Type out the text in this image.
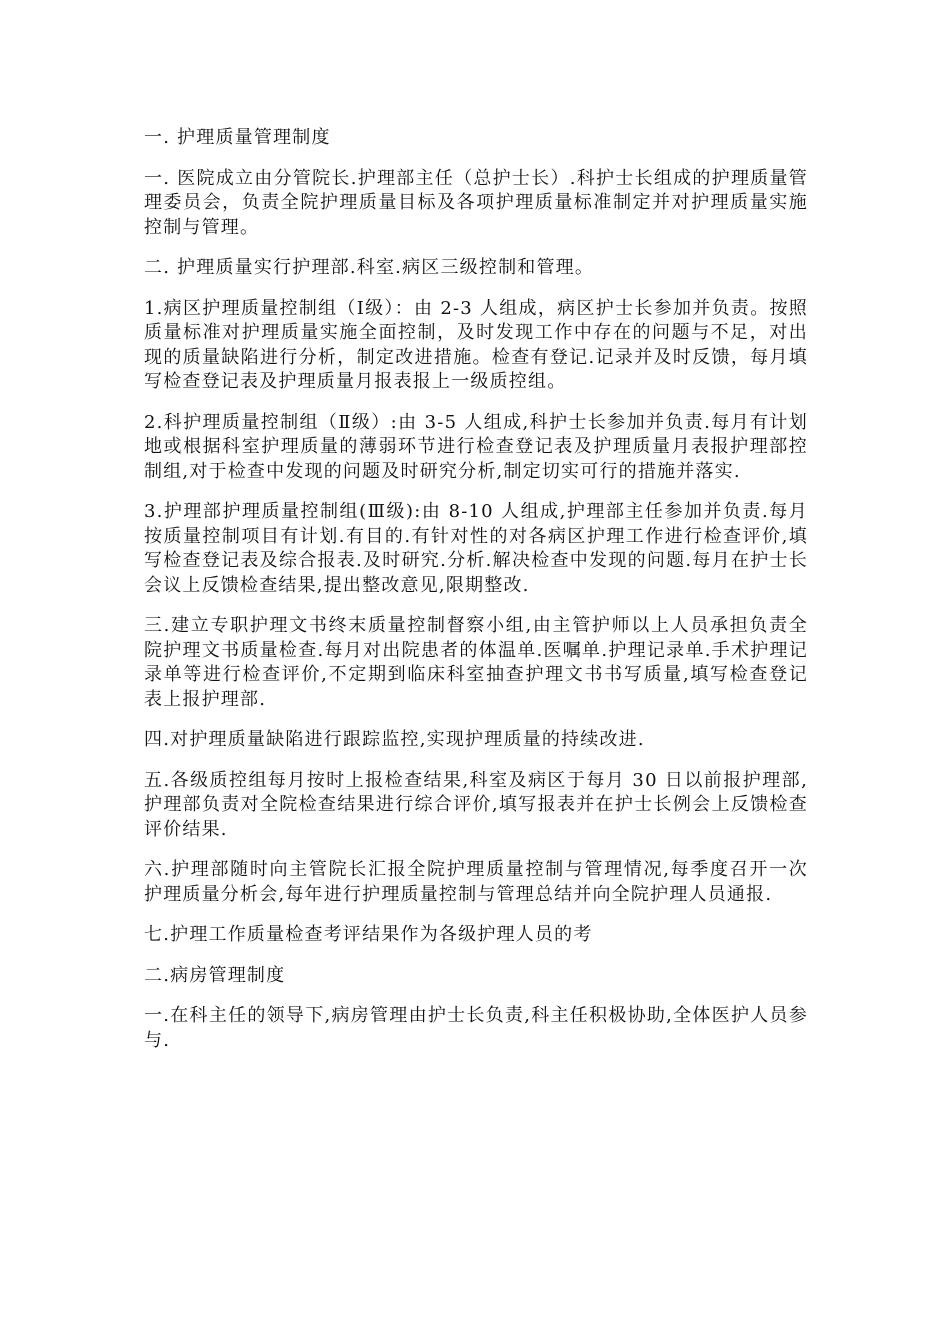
一. 护理质量管理制度

一. 医院成立由分管院长.护理部主任（总护士长）.科护士长组成的护理质量管理委员会，负责全院护理质量目标及各项护理质量标准制定并对护理质量实施控制与管理。

二. 护理质量实行护理部.科室.病区三级控制和管理。

1.病区护理质量控制组（Ⅰ级）：由 2-3 人组成，病区护士长参加并负责。按照质量标准对护理质量实施全面控制，及时发现工作中存在的问题与不足，对出现的质量缺陷进行分析，制定改进措施。检查有登记.记录并及时反馈，每月填写检查登记表及护理质量月报表报上一级质控组。

2.科护理质量控制组（Ⅱ级）:由 3-5 人组成,科护士长参加并负责.每月有计划地或根据科室护理质量的薄弱环节进行检查登记表及护理质量月表报护理部控制组,对于检查中发现的问题及时研究分析,制定切实可行的措施并落实.

3.护理部护理质量控制组(Ⅲ级):由 8-10 人组成,护理部主任参加并负责.每月按质量控制项目有计划.有目的.有针对性的对各病区护理工作进行检查评价,填写检查登记表及综合报表.及时研究.分析.解决检查中发现的问题.每月在护士长会议上反馈检查结果,提出整改意见,限期整改.

三.建立专职护理文书终末质量控制督察小组,由主管护师以上人员承担负责全院护理文书质量检查.每月对出院患者的体温单.医嘱单.护理记录单.手术护理记录单等进行检查评价,不定期到临床科室抽查护理文书书写质量,填写检查登记表上报护理部.

四.对护理质量缺陷进行跟踪监控,实现护理质量的持续改进.

五.各级质控组每月按时上报检查结果,科室及病区于每月 30 日以前报护理部,护理部负责对全院检查结果进行综合评价,填写报表并在护士长例会上反馈检查评价结果.

六.护理部随时向主管院长汇报全院护理质量控制与管理情况,每季度召开一次护理质量分析会,每年进行护理质量控制与管理总结并向全院护理人员通报.

七.护理工作质量检查考评结果作为各级护理人员的考

二.病房管理制度

一.在科主任的领导下,病房管理由护士长负责,科主任积极协助,全体医护人员参与.
